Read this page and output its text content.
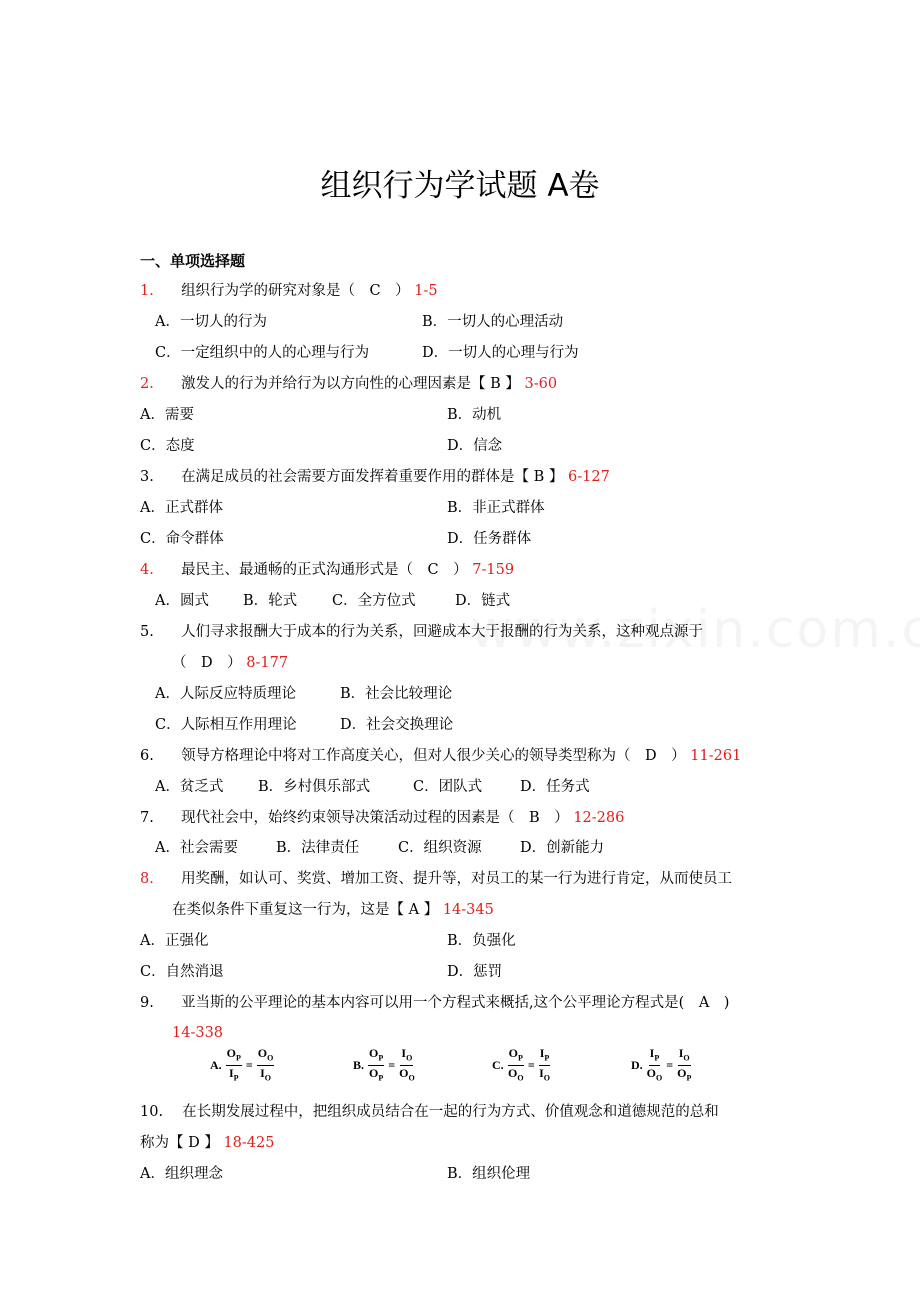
组织行为学试题 A卷
一、单项选择题
1. 组织行为学的研究对象是（　C　） 1-5
A．一切人的行为	B．一切人的心理活动
C．一定组织中的人的心理与行为	D．一切人的心理与行为
2. 激发人的行为并给行为以方向性的心理因素是【 B 】 3-60
A．需要	B．动机
C．态度	D．信念
3. 在满足成员的社会需要方面发挥着重要作用的群体是【 B 】 6-127
A．正式群体	B．非正式群体
C．命令群体	D．任务群体
4. 最民主、最通畅的正式沟通形式是（　C　） 7-159
A．圆式 B．轮式 C．全方位式	D．链式
5. 人们寻求报酬大于成本的行为关系，回避成本大于报酬的行为关系，这种观点源于
（　D　） 8-177
A．人际反应特质理论	B．社会比较理论
C．人际相互作用理论	D．社会交换理论
6. 领导方格理论中将对工作高度关心，但对人很少关心的领导类型称为（　D　） 11-261
A．贫乏式 B．乡村俱乐部式	C．团队式	D．任务式
7. 现代社会中，始终约束领导决策活动过程的因素是（　B　） 12-286
A．社会需要	B．法律责任	C．组织资源	D．创新能力
8. 用奖酬，如认可、奖赏、增加工资、提升等，对员工的某一行为进行肯定，从而使员工
在类似条件下重复这一行为，这是【 A 】 14-345
A．正强化	B．负强化
C．自然消退	D．惩罚
9. 亚当斯的公平理论的基本内容可以用一个方程式来概括,这个公平理论方程式是(　A　)
14-338
A. $\frac{O_P}{I_P} = \frac{O_O}{I_O}$	B. $\frac{O_P}{O_P} = \frac{I_O}{O_O}$	C. $\frac{O_P}{O_O} = \frac{I_P}{I_O}$	D. $\frac{I_P}{O_O} = \frac{I_O}{O_P}$
10. 在长期发展过程中，把组织成员结合在一起的行为方式、价值观念和道德规范的总和
称为【 D 】 18-425
A．组织理念	B．组织伦理
